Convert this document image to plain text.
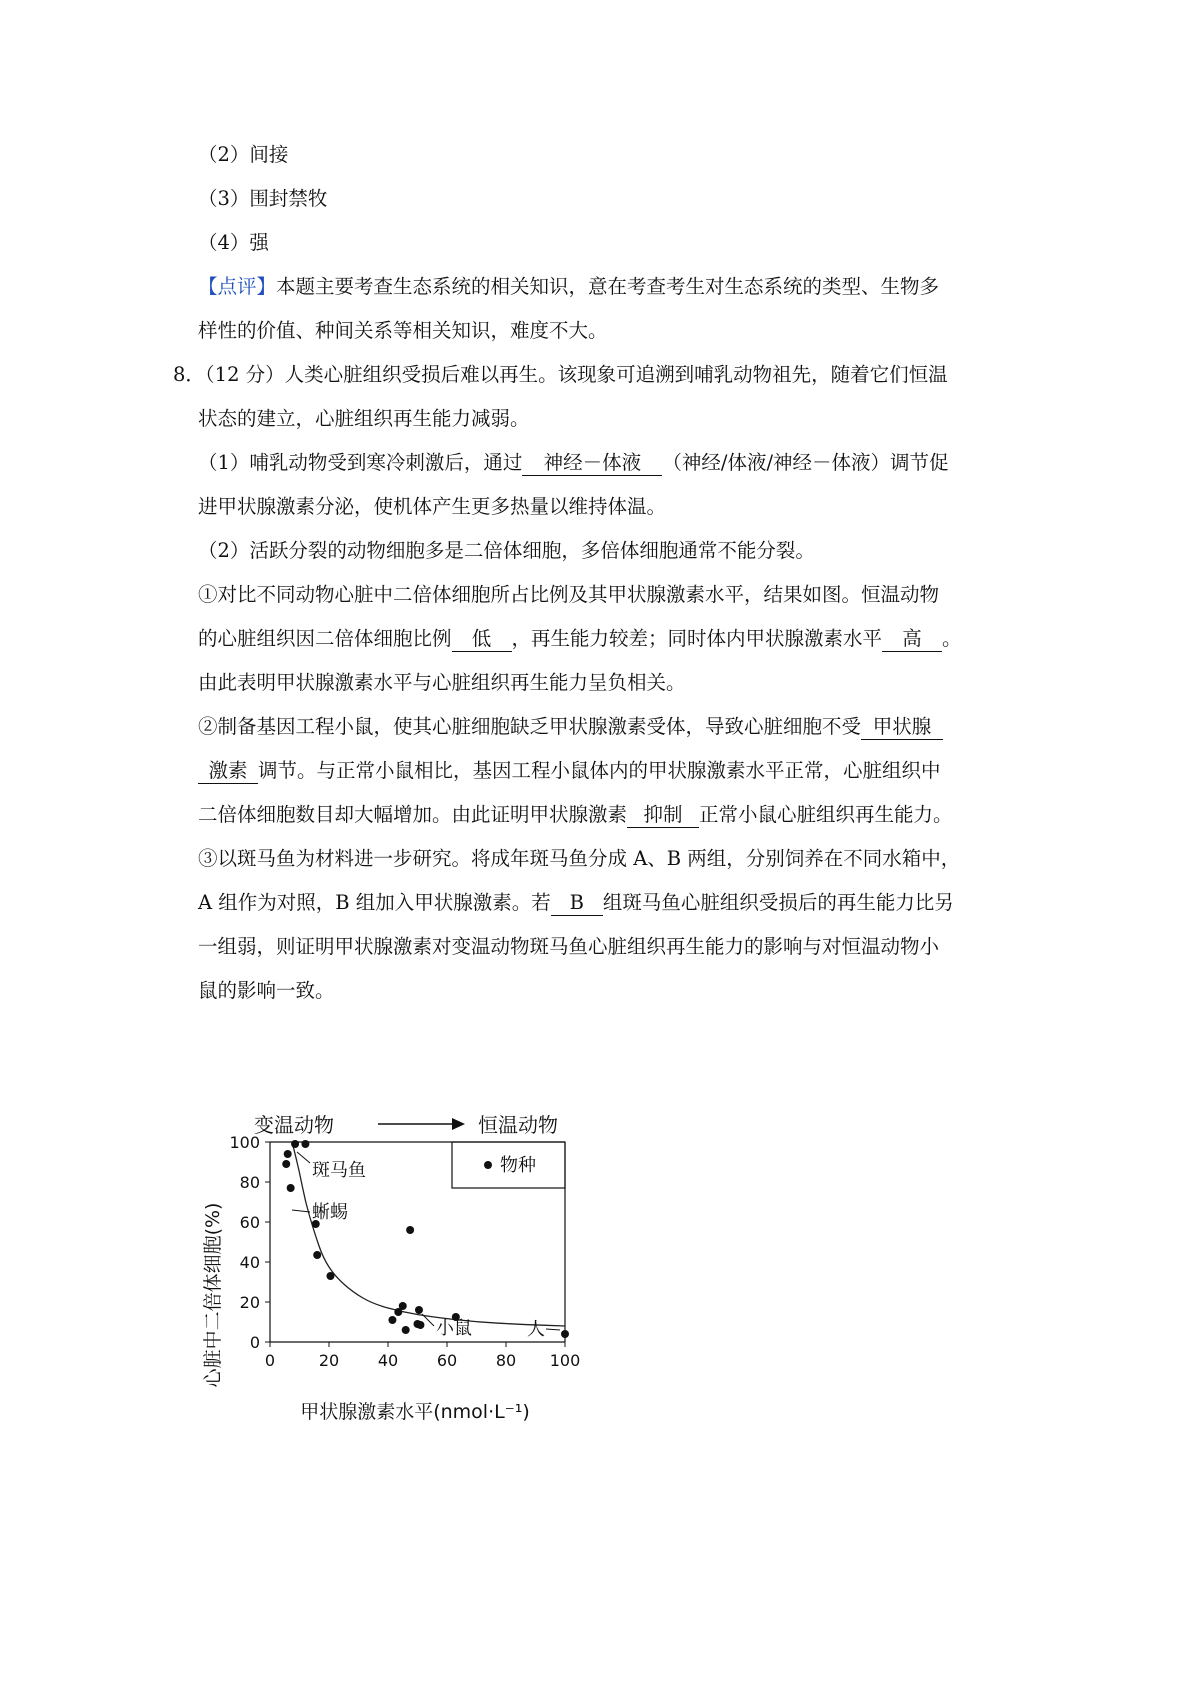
（2）间接
（3）围封禁牧
（4）强
【点评】本题主要考查生态系统的相关知识，意在考查考生对生态系统的类型、生物多
样性的价值、种间关系等相关知识，难度不大。
8．（12 分）人类心脏组织受损后难以再生。该现象可追溯到哺乳动物祖先，随着它们恒温
状态的建立，心脏组织再生能力减弱。
（1）哺乳动物受到寒冷刺激后，通过 神经－体液 （神经/体液/神经－体液）调节促
进甲状腺激素分泌，使机体产生更多热量以维持体温。
（2）活跃分裂的动物细胞多是二倍体细胞，多倍体细胞通常不能分裂。
①对比不同动物心脏中二倍体细胞所占比例及其甲状腺激素水平，结果如图。恒温动物
的心脏组织因二倍体细胞比例 低 ，再生能力较差；同时体内甲状腺激素水平 高 。
由此表明甲状腺激素水平与心脏组织再生能力呈负相关。
②制备基因工程小鼠，使其心脏细胞缺乏甲状腺激素受体，导致心脏细胞不受 甲状腺
激素 调节。与正常小鼠相比，基因工程小鼠体内的甲状腺激素水平正常，心脏组织中
二倍体细胞数目却大幅增加。由此证明甲状腺激素 抑制 正常小鼠心脏组织再生能力。
③以斑马鱼为材料进一步研究。将成年斑马鱼分成 A、B 两组，分别饲养在不同水箱中，
A 组作为对照，B 组加入甲状腺激素。若 B 组斑马鱼心脏组织受损后的再生能力比另
一组弱，则证明甲状腺激素对变温动物斑马鱼心脏组织再生能力的影响与对恒温动物小
鼠的影响一致。
变温动物	恒温动物
心脏中二倍体细胞(%)
甲状腺激素水平(nmol·L⁻¹)
物种
0	20 40 60 80 100
0
20
40
60
80
100
斑马鱼
蜥蜴
小鼠	人
